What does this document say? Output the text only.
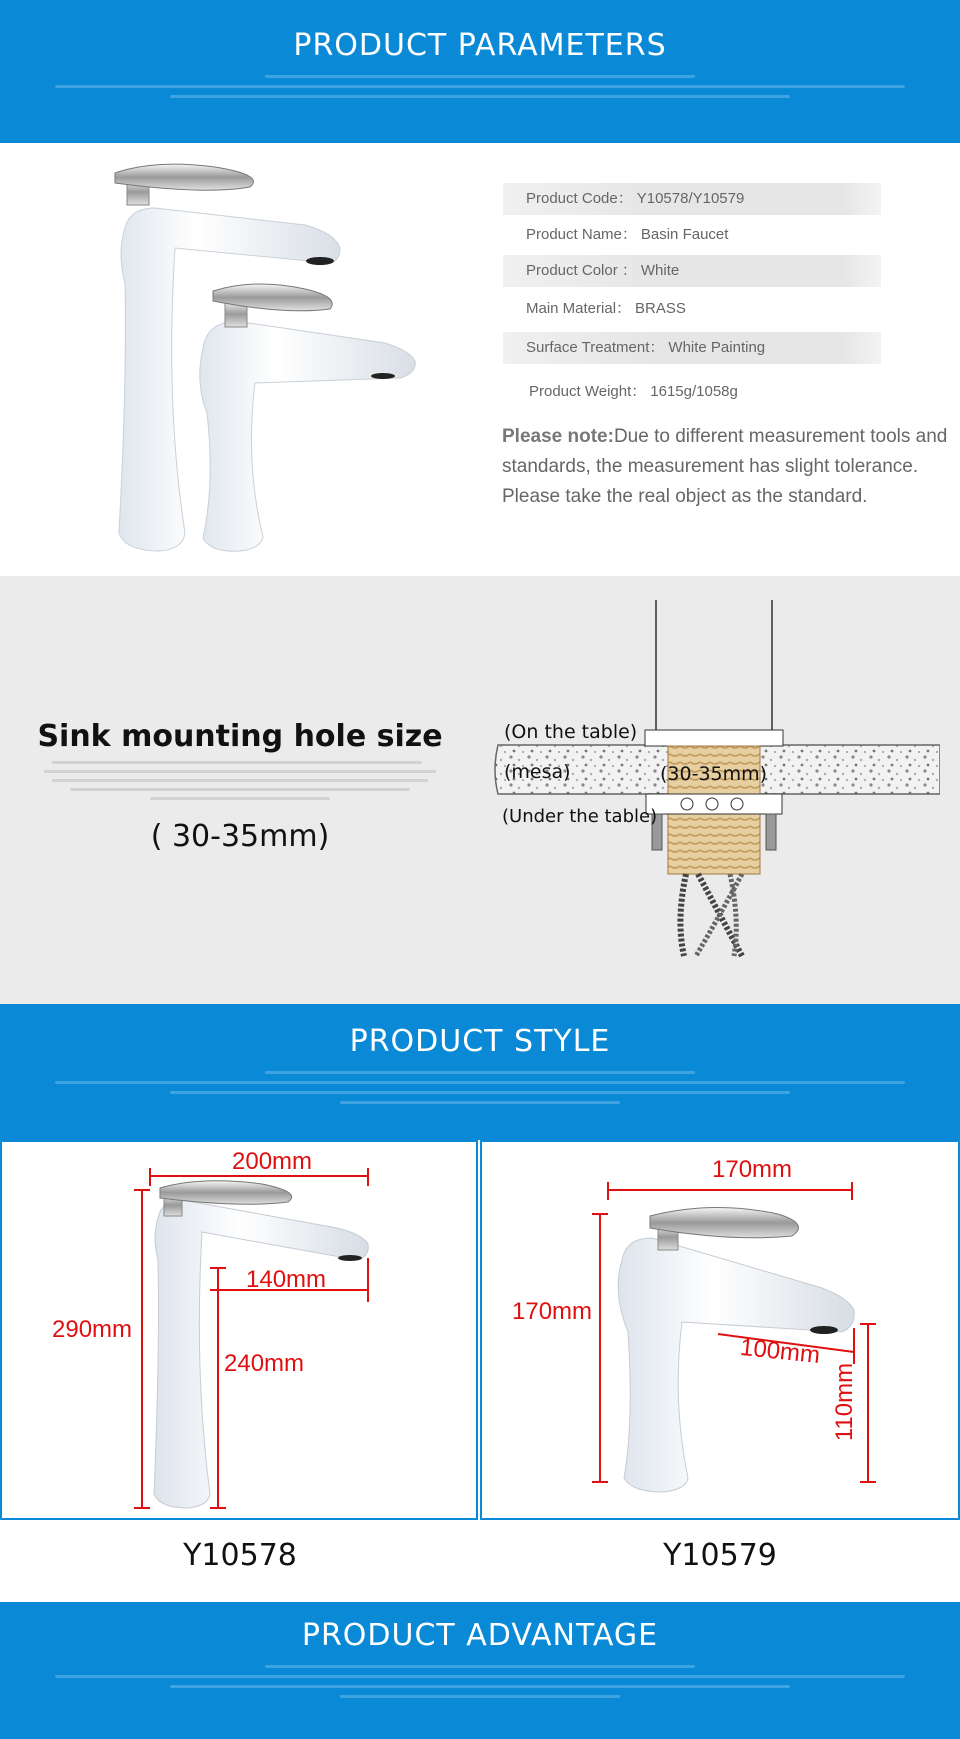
PRODUCT PARAMETERS
Product Code： Y10578/Y10579
Product Name： Basin Faucet
Product Color ： White
Main Material： BRASS
Surface Treatment： White Painting
Product Weight： 1615g/1058g
Please note:Due to different measurement tools and standards, the measurement has slight tolerance. Please take the real object as the standard.
Sink mounting hole size
( 30-35mm)
(On the table)
(mesa)	(30-35mm)
(Under the table)
PRODUCT STYLE
200mm
140mm
290mm
240mm
170mm
100mm
170mm
110mm
Y10578	Y10579
PRODUCT ADVANTAGE
